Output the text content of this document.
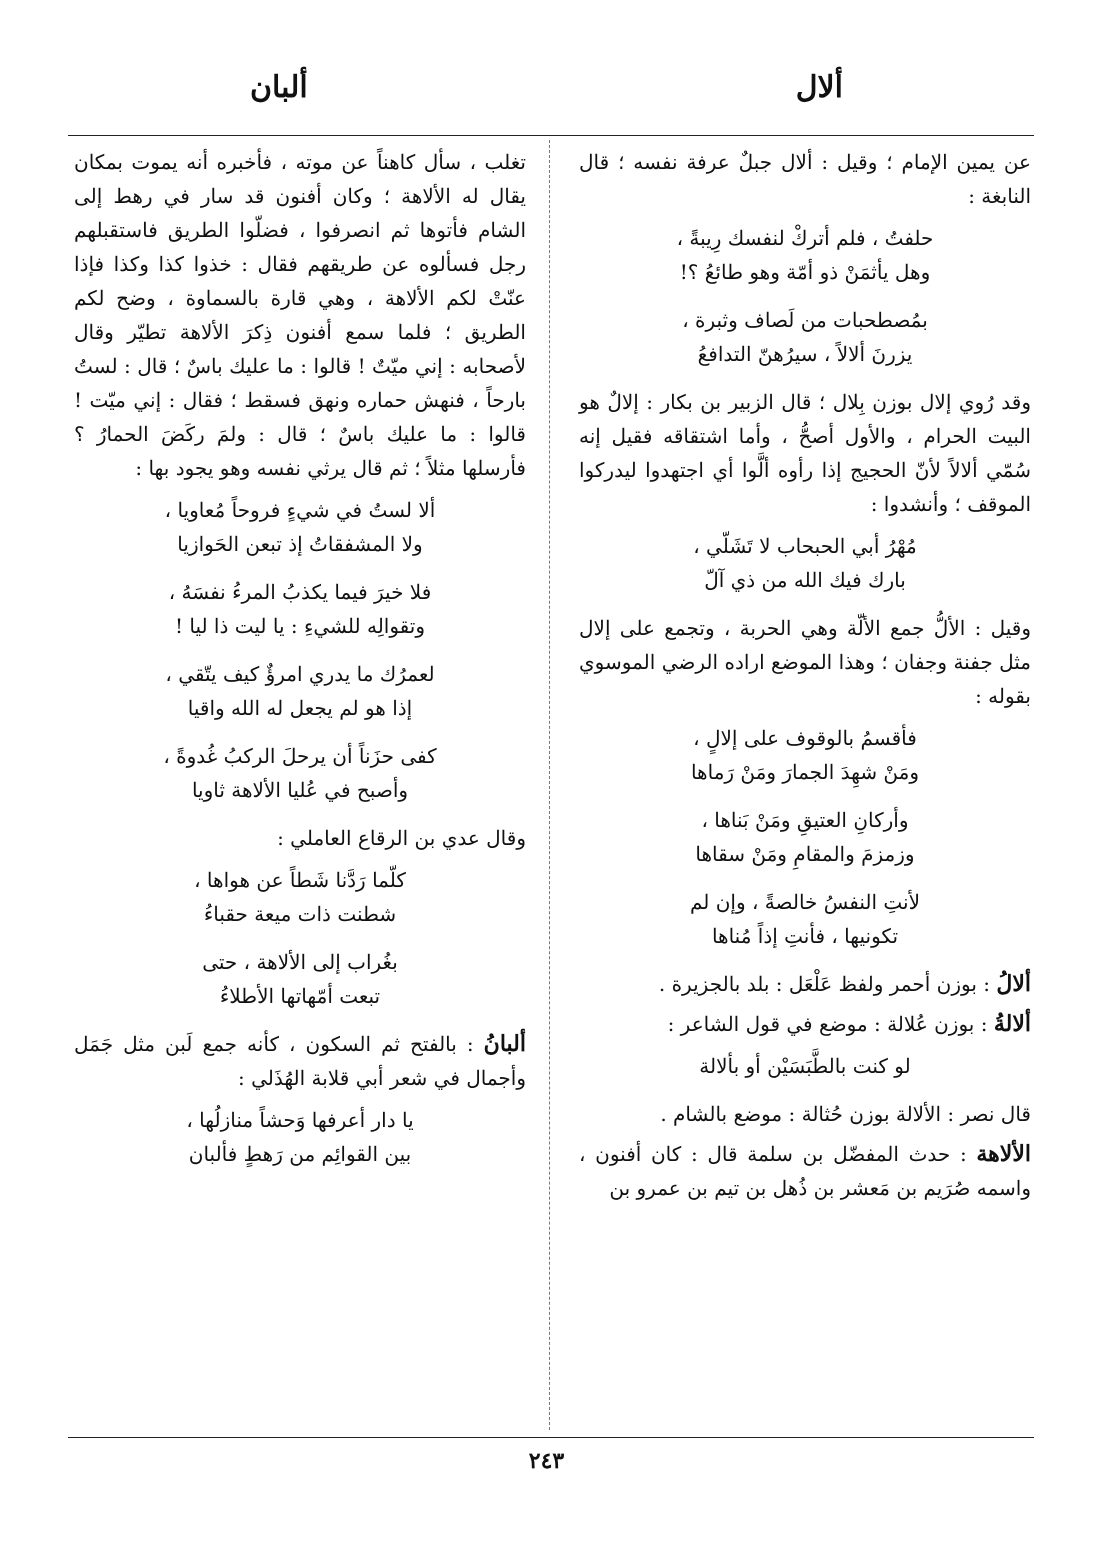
ألال
ألبان

عن يمين الإمام ؛ وقيل : ألال جبلٌ عرفة نفسه ؛ قال النابغة :

حلفتُ ، فلم أتركْ لنفسك رِيبةً ،
وهل يأثمَنْ ذو أمّة وهو طائعُ ؟!
بمُصطحبات من لَصاف وثبرة ،
يزرنَ ألالاً ، سيرُهنّ التدافعُ

وقد رُوي إلال بوزن بِلال ؛ قال الزبير بن بكار : إلالٌ هو البيت الحرام ، والأول أصحُّ ، وأما اشتقاقه فقيل إنه سُمّي ألالاً لأنّ الحجيج إذا رأوه ألَّوا أي اجتهدوا ليدركوا الموقف ؛ وأنشدوا :

مُهْرُ أبي الحبحاب لا تَشَلّي ،
بارك فيك الله من ذي آلّ

وقيل : الألُّ جمع الألّة وهي الحربة ، وتجمع على إلال مثل جفنة وجفان ؛ وهذا الموضع اراده الرضي الموسوي بقوله :

فأقسمُ بالوقوف على إلالٍ ،
ومَنْ شهِدَ الجمارَ ومَنْ رَماها
وأركانِ العتيقِ ومَنْ بَناها ،
وزمزمَ والمقامِ ومَنْ سقاها
لأنتِ النفسُ خالصةً ، وإن لم
تكونيها ، فأنتِ إذاً مُناها

ألالُ : بوزن أحمر ولفظ عَلْعَل : بلد بالجزيرة .

ألالةُ : بوزن عُلالة : موضع في قول الشاعر :

لو كنت بالطَّبَسَيْن أو بألالة

قال نصر : الألالة بوزن حُثالة : موضع بالشام .

الألاهة : حدث المفضّل بن سلمة قال : كان أفنون ، واسمه صُرَيم بن مَعشر بن ذُهل بن تيم بن عمرو بن

تغلب ، سأل كاهناً عن موته ، فأخبره أنه يموت بمكان يقال له الألاهة ؛ وكان أفنون قد سار في رهط إلى الشام فأتوها ثم انصرفوا ، فضلّوا الطريق فاستقبلهم رجل فسألوه عن طريقهم فقال : خذوا كذا وكذا فإذا عنّتْ لكم الألاهة ، وهي قارة بالسماوة ، وضح لكم الطريق ؛ فلما سمع أفنون ذِكرَ الألاهة تطيّر وقال لأصحابه : إني ميّتٌ ! قالوا : ما عليك باسٌ ؛ قال : لستُ بارحاً ، فنهش حماره ونهق فسقط ؛ فقال : إني ميّت ! قالوا : ما عليك باسٌ ؛ قال : ولمَ ركَضَ الحمارُ ؟ فأرسلها مثلاً ؛ ثم قال يرثي نفسه وهو يجود بها :

ألا لستُ في شيءٍ فروحاً مُعاويا ،
ولا المشفقاتُ إذ تبعن الحَوازيا
فلا خيرَ فيما يكذبُ المرءُ نفسَهُ ،
وتقوالِه للشيءِ : يا ليت ذا ليا !
لعمرُك ما يدري امرؤٌ كيف يتّقي ،
إذا هو لم يجعل له الله واقيا
كفى حزَناً أن يرحلَ الركبُ غُدوةً ،
وأصبح في عُليا الألاهة ثاويا

وقال عدي بن الرقاع العاملي :

كلّما رَدَّنا شَطاً عن هواها ،
شطنت ذات ميعة حقباءُ
بغُراب إلى الألاهة ، حتى
تبعت أمّهاتها الأطلاءُ

ألبانُ : بالفتح ثم السكون ، كأنه جمع لَبن مثل جَمَل وأجمال في شعر أبي قلابة الهُذَلي :

يا دار أعرفها وَحشاً منازلُها ،
بين القوائِم من رَهطٍ فألبان
٢٤٣
